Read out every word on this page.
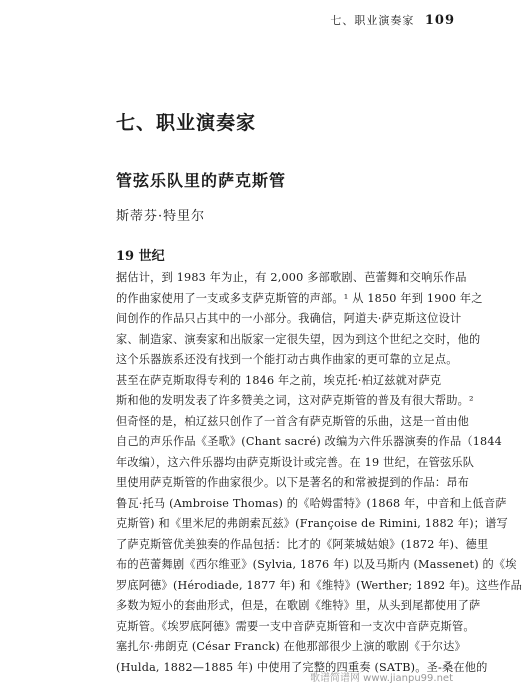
七、职业演奏家 109
七、职业演奏家
管弦乐队里的萨克斯管
斯蒂芬·特里尔
19 世纪
据估计，到 1983 年为止，有 2,000 多部歌剧、芭蕾舞和交响乐作品
的作曲家使用了一支或多支萨克斯管的声部。¹ 从 1850 年到 1900 年之
间创作的作品只占其中的一小部分。我确信，阿道夫·萨克斯这位设计
家、制造家、演奏家和出版家一定很失望，因为到这个世纪之交时，他的
这个乐器族系还没有找到一个能打动古典作曲家的更可靠的立足点。
甚至在萨克斯取得专利的 1846 年之前，埃克托·柏辽兹就对萨克
斯和他的发明发表了许多赞美之词，这对萨克斯管的普及有很大帮助。²
但奇怪的是，柏辽兹只创作了一首含有萨克斯管的乐曲，这是一首由他
自己的声乐作品《圣歌》(Chant sacré) 改编为六件乐器演奏的作品（1844
年改编），这六件乐器均由萨克斯设计或完善。在 19 世纪，在管弦乐队
里使用萨克斯管的作曲家很少。以下是著名的和常被提到的作品：昂布
鲁瓦·托马 (Ambroise Thomas) 的《哈姆雷特》(1868 年，中音和上低音萨
克斯管) 和《里米尼的弗朗索瓦兹》(Françoise de Rimini, 1882 年)；谱写
了萨克斯管优美独奏的作品包括：比才的《阿莱城姑娘》(1872 年)、德里
布的芭蕾舞剧《西尔维亚》(Sylvia, 1876 年) 以及马斯内 (Massenet) 的《埃
罗底阿德》(Hérodiade, 1877 年) 和《维特》(Werther; 1892 年)。这些作品
多数为短小的套曲形式，但是，在歌剧《维特》里，从头到尾都使用了萨
克斯管。《埃罗底阿德》需要一支中音萨克斯管和一支次中音萨克斯管。
塞扎尔·弗朗克 (César Franck) 在他那部很少上演的歌剧《于尔达》
(Hulda, 1882—1885 年) 中使用了完整的四重奏 (SATB)。圣-桑在他的
歌谱简谱网 www.jianpu99.net
